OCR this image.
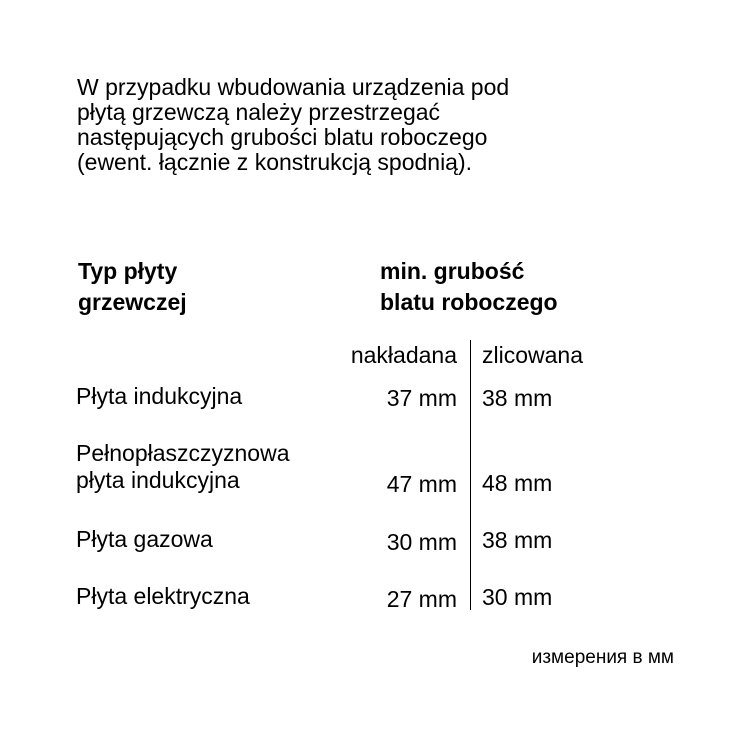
W przypadku wbudowania urządzenia pod
płytą grzewczą należy przestrzegać
następujących grubości blatu roboczego
(ewent. łącznie z konstrukcją spodnią).
Typ płyty
grzewczej
min. grubość
blatu roboczego
nakładana zlicowana
Płyta indukcyjna	37 mm 38 mm
Pełnopłaszczyznowa
płyta indukcyjna	47 mm 48 mm
Płyta gazowa	30 mm 38 mm
Płyta elektryczna	27 mm 30 mm
измерения в мм
